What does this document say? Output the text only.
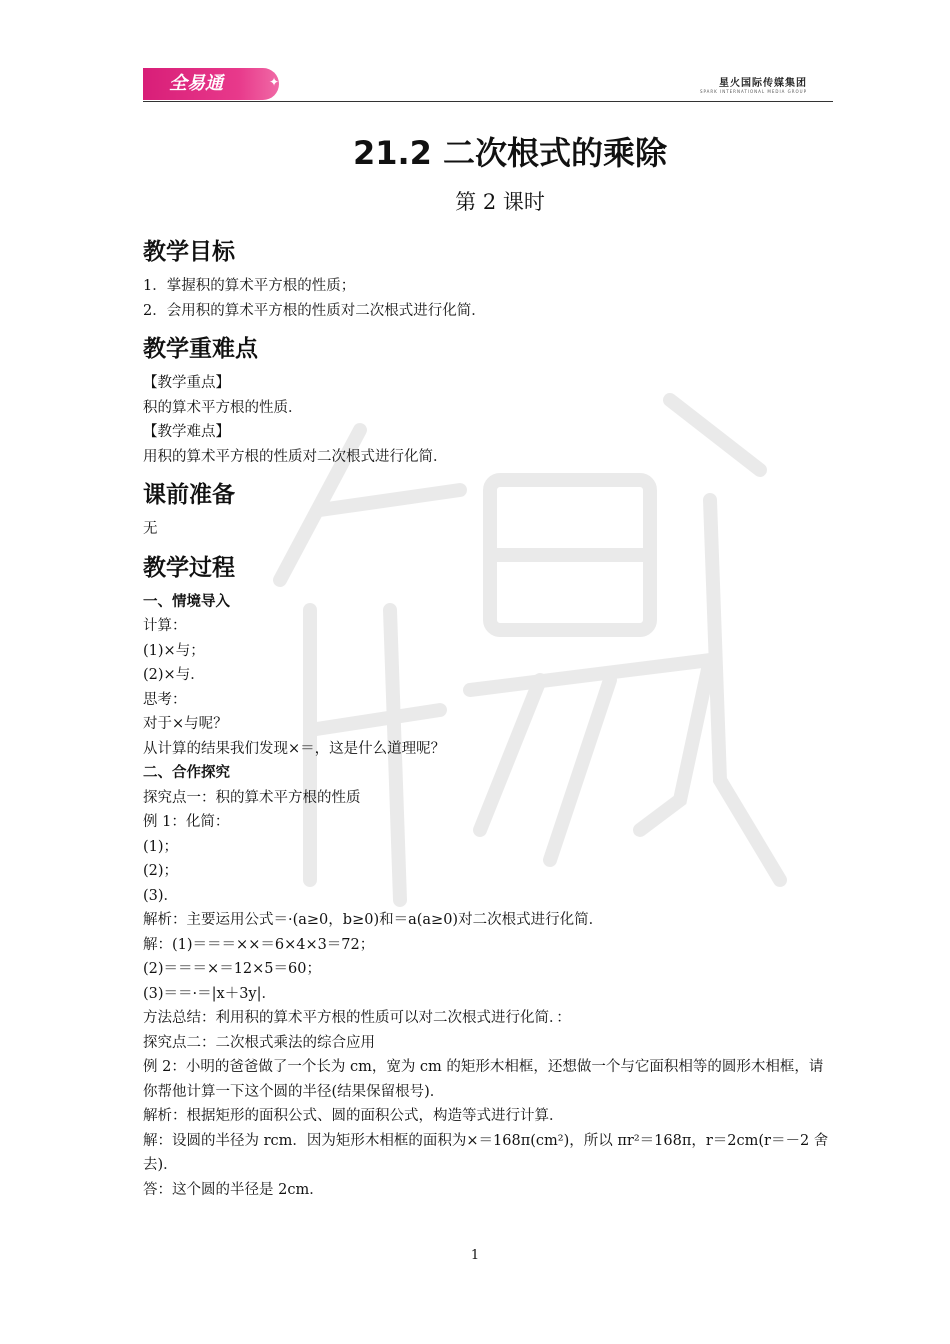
全易通	✦	星火国际传媒集团
SPARK INTERNATIONAL MEDIA GROUP
21.2 二次根式的乘除
第 2 课时
教学目标
1．掌握积的算术平方根的性质；
2．会用积的算术平方根的性质对二次根式进行化简．
教学重难点
【教学重点】
积的算术平方根的性质．
【教学难点】
用积的算术平方根的性质对二次根式进行化简．
课前准备
无
教学过程
一、情境导入
计算：
(1)×与；
(2)×与．
思考：
对于×与呢？
从计算的结果我们发现×＝，这是什么道理呢？
二、合作探究
探究点一：积的算术平方根的性质
例 1：化简：
(1)；
(2)；
(3)．
解析：主要运用公式＝·(a≥0，b≥0)和＝a(a≥0)对二次根式进行化简．
解：(1)＝＝＝××＝6×4×3＝72；
(2)＝＝＝×＝12×5＝60；
(3)＝＝·＝|x＋3y|．
方法总结：利用积的算术平方根的性质可以对二次根式进行化简．：
探究点二：二次根式乘法的综合应用
例 2：小明的爸爸做了一个长为 cm，宽为 cm 的矩形木相框，还想做一个与它面积相等的圆形木相框，请你帮他计算一下这个圆的半径(结果保留根号)．
解析：根据矩形的面积公式、圆的面积公式，构造等式进行计算．
解：设圆的半径为 rcm．因为矩形木相框的面积为×＝168π(cm²)，所以 πr²＝168π，r＝2cm(r＝－2 舍去)．
答：这个圆的半径是 2cm．
1
